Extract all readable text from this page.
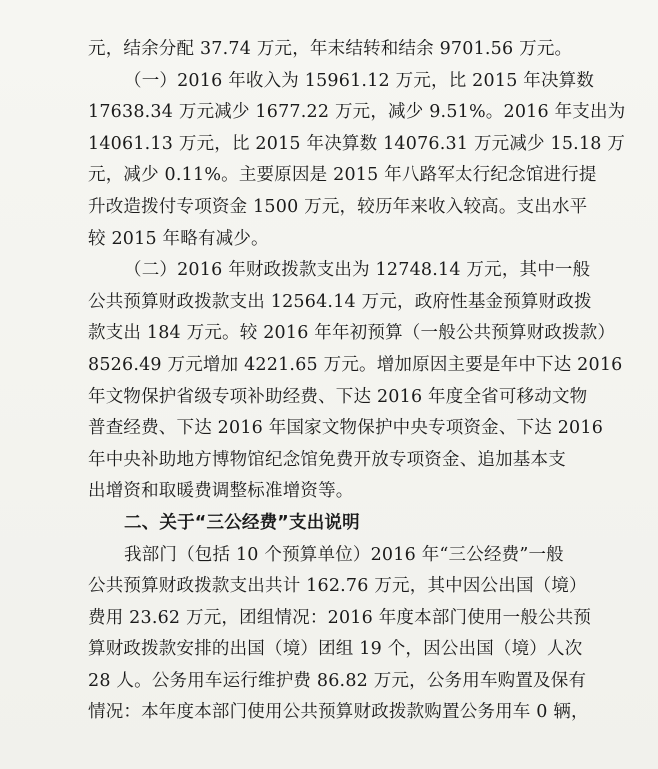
元，结余分配 37.74 万元，年末结转和结余 9701.56 万元。
（一）2016 年收入为 15961.12 万元，比 2015 年决算数
17638.34 万元减少 1677.22 万元，减少 9.51%。2016 年支出为
14061.13 万元，比 2015 年决算数 14076.31 万元减少 15.18 万
元，减少 0.11%。主要原因是 2015 年八路军太行纪念馆进行提
升改造拨付专项资金 1500 万元，较历年来收入较高。支出水平
较 2015 年略有减少。
（二）2016 年财政拨款支出为 12748.14 万元，其中一般
公共预算财政拨款支出 12564.14 万元，政府性基金预算财政拨
款支出 184 万元。较 2016 年年初预算（一般公共预算财政拨款）
8526.49 万元增加 4221.65 万元。增加原因主要是年中下达 2016
年文物保护省级专项补助经费、下达 2016 年度全省可移动文物
普查经费、下达 2016 年国家文物保护中央专项资金、下达 2016
年中央补助地方博物馆纪念馆免费开放专项资金、追加基本支
出增资和取暖费调整标准增资等。
二、关于“三公经费”支出说明
我部门（包括 10 个预算单位）2016 年“三公经费”一般
公共预算财政拨款支出共计 162.76 万元，其中因公出国（境）
费用 23.62 万元，团组情况：2016 年度本部门使用一般公共预
算财政拨款安排的出国（境）团组 19 个，因公出国（境）人次
28 人。公务用车运行维护费 86.82 万元，公务用车购置及保有
情况：本年度本部门使用公共预算财政拨款购置公务用车 0 辆，
